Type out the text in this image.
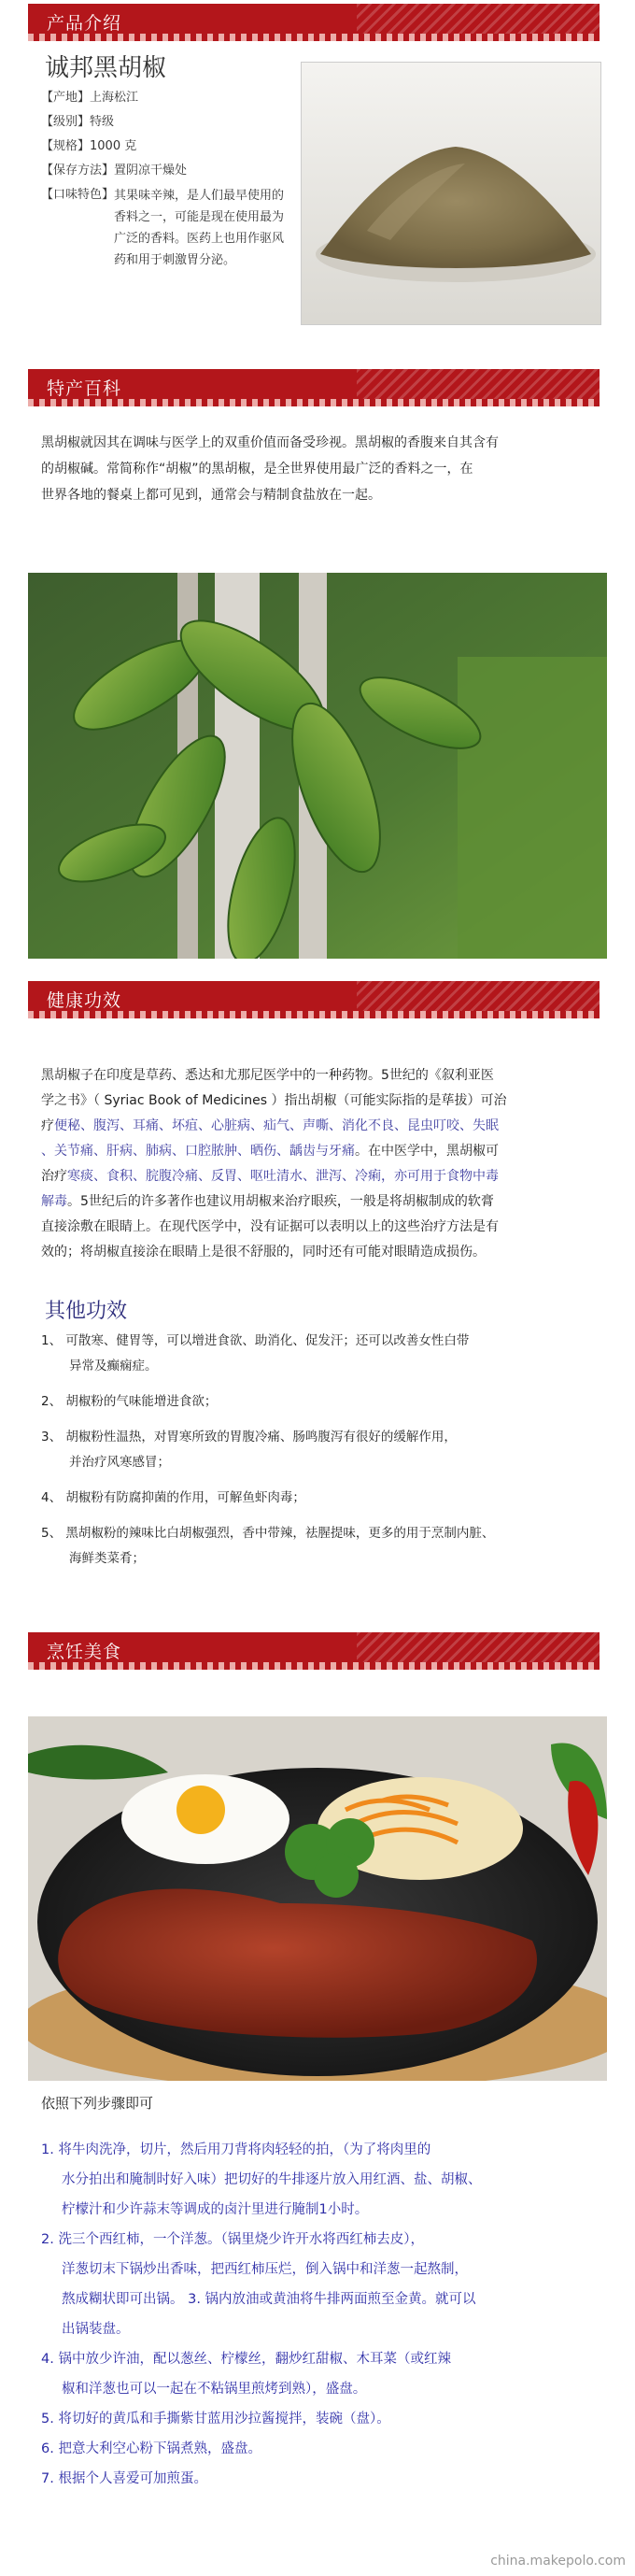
产品介绍
诚邦黑胡椒
【产地】上海松江
【级别】特级
【规格】1000 克
【保存方法】置阴凉干燥处
【口味特色】 其果味辛辣，是人们最早使用的香料之一，可能是现在使用最为广泛的香料。医药上也用作驱风药和用于刺激胃分泌。
特产百科
黑胡椒就因其在调味与医学上的双重价值而备受珍视。黑胡椒的香腹来自其含有
的胡椒碱。常简称作“胡椒”的黑胡椒，是全世界使用最广泛的香料之一，在
世界各地的餐桌上都可见到，通常会与精制食盐放在一起。
健康功效
黑胡椒子在印度是草药、悉达和尤那尼医学中的一种药物。5世纪的《叙利亚医
学之书》（ Syriac Book of Medicines ）指出胡椒（可能实际指的是荜拔）可治
疗便秘、腹泻、耳痛、坏疽、心脏病、疝气、声嘶、消化不良、昆虫叮咬、失眠
、关节痛、肝病、肺病、口腔脓肿、晒伤、龋齿与牙痛。在中医学中，黑胡椒可
治疗寒痰、食积、脘腹冷痛、反胃、呕吐清水、泄泻、冷痢，亦可用于食物中毒
解毒。5世纪后的许多著作也建议用胡椒来治疗眼疾，一般是将胡椒制成的软膏
直接涂敷在眼睛上。在现代医学中，没有证据可以表明以上的这些治疗方法是有
效的；将胡椒直接涂在眼睛上是很不舒服的，同时还有可能对眼睛造成损伤。
其他功效
1、 可散寒、健胃等，可以增进食欲、助消化、促发汗；还可以改善女性白带
异常及癫痫症。
2、 胡椒粉的气味能增进食欲；
3、 胡椒粉性温热，对胃寒所致的胃腹冷痛、肠鸣腹泻有很好的缓解作用，
并治疗风寒感冒；
4、 胡椒粉有防腐抑菌的作用，可解鱼虾肉毒；
5、 黑胡椒粉的辣味比白胡椒强烈，香中带辣，祛腥提味，更多的用于烹制内脏、
海鲜类菜肴；
烹饪美食
依照下列步骤即可
1. 将牛肉洗净，切片，然后用刀背将肉轻轻的拍，（为了将肉里的
水分拍出和腌制时好入味）把切好的牛排逐片放入用红酒、盐、胡椒、
柠檬汁和少许蒜末等调成的卤汁里进行腌制1小时。
2. 洗三个西红柿，一个洋葱。（锅里烧少许开水将西红柿去皮），
洋葱切末下锅炒出香味，把西红柿压烂，倒入锅中和洋葱一起熬制，
熬成糊状即可出锅。 3. 锅内放油或黄油将牛排两面煎至金黄。就可以
出锅装盘。
4. 锅中放少许油，配以葱丝、柠檬丝，翻炒红甜椒、木耳菜（或红辣
椒和洋葱也可以一起在不粘锅里煎烤到熟），盛盘。
5. 将切好的黄瓜和手撕紫甘蓝用沙拉酱搅拌，装碗（盘）。
6. 把意大利空心粉下锅煮熟，盛盘。
7. 根据个人喜爱可加煎蛋。
china.makepolo.com
